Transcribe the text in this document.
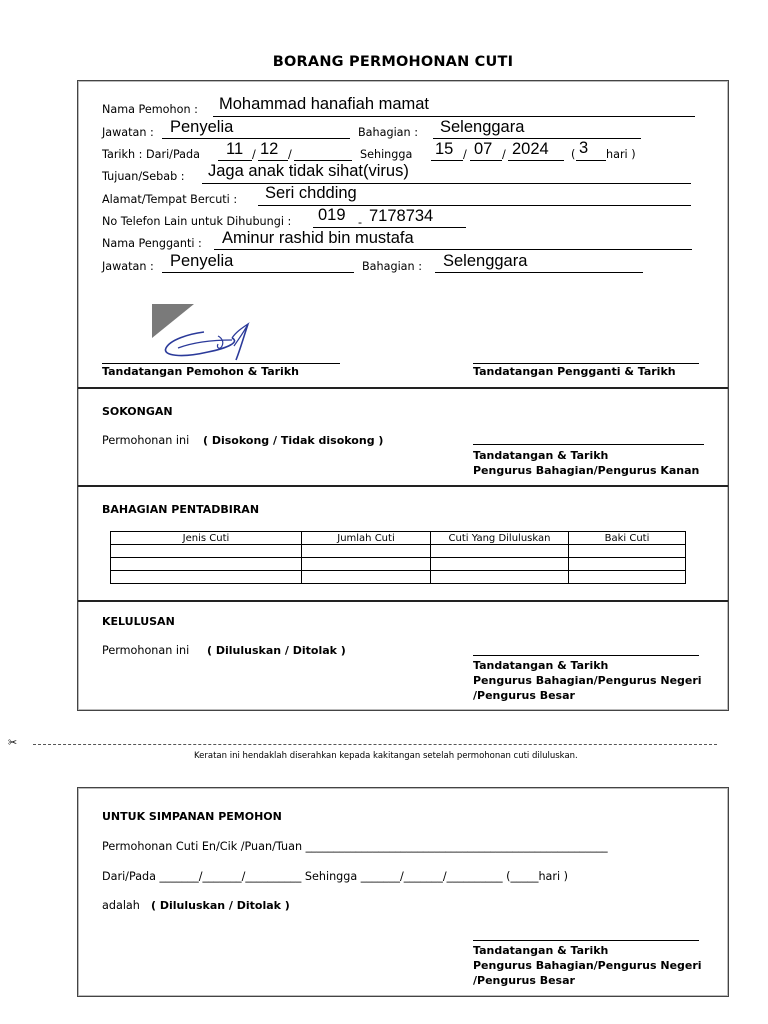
BORANG PERMOHONAN CUTI
Nama Pemohon : Mohammad hanafiah mamat
Jawatan : Penyelia	Bahagian : Selenggara
Tarikh : Dari/Pada 11 / 12 /	Sehingga 15 / 07 / 2024 ( 3 hari )
Tujuan/Sebab : Jaga anak tidak sihat(virus)
Alamat/Tempat Bercuti : Seri chdding
No Telefon Lain untuk Dihubungi : 019 - 7178734
Nama Pengganti : Aminur rashid bin mustafa
Jawatan : Penyelia	Bahagian : Selenggara
Tandatangan Pemohon & Tarikh	Tandatangan Pengganti & Tarikh
SOKONGAN
Permohonan ini ( Disokong / Tidak disokong )
Tandatangan & Tarikh
Pengurus Bahagian/Pengurus Kanan
BAHAGIAN PENTADBIRAN
Jenis Cuti	Jumlah Cuti	Cuti Yang Diluluskan	Baki Cuti

KELULUSAN
Permohonan ini ( Diluluskan / Ditolak )
Tandatangan & Tarikh
Pengurus Bahagian/Pengurus Negeri
/Pengurus Besar
✂
Keratan ini hendaklah diserahkan kepada kakitangan setelah permohonan cuti diluluskan.
UNTUK SIMPANAN PEMOHON
Permohonan Cuti En/Cik /Puan/Tuan ______________________________________________________
Dari/Pada _______/_______/__________ Sehingga _______/_______/__________ (_____hari )
adalah ( Diluluskan / Ditolak )
Tandatangan & Tarikh
Pengurus Bahagian/Pengurus Negeri
/Pengurus Besar
